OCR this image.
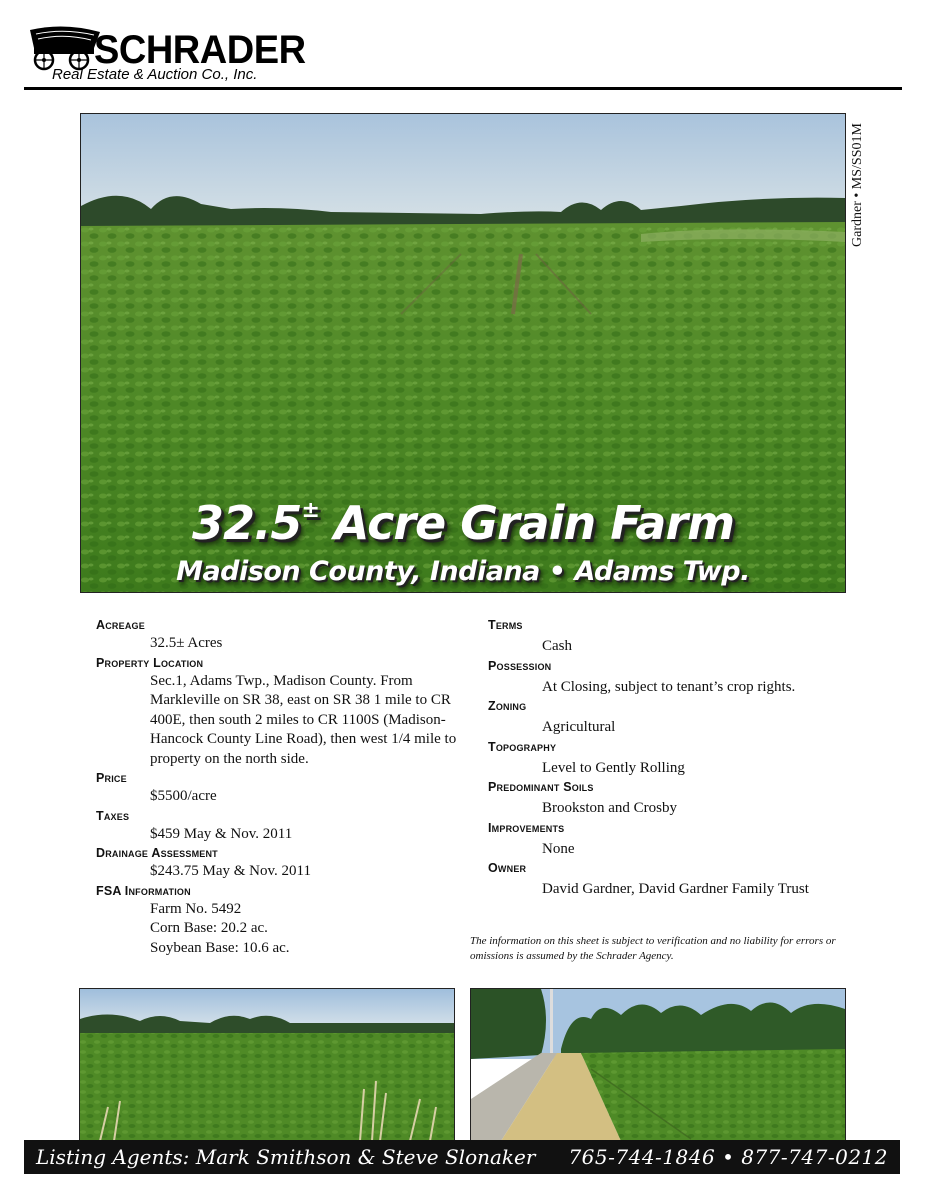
SCHRADER
Real Estate & Auction Co., Inc.
Gardner • MS/SS01M
32.5± Acre Grain Farm
Madison County, Indiana • Adams Twp.
Acreage
32.5± Acres
Property Location
Sec.1, Adams Twp., Madison County. From Markleville on SR 38, east on SR 38 1 mile to CR 400E, then south 2 miles to CR 1100S (Madison-Hancock County Line Road), then west 1/4 mile to property on the north side.
Price
$5500/acre
Taxes
$459 May & Nov. 2011
Drainage Assessment
$243.75 May & Nov. 2011
FSA Information
Farm No. 5492
Corn Base: 20.2 ac.
Soybean Base: 10.6 ac.
Terms
Cash
Possession
At Closing, subject to tenant’s crop rights.
Zoning
Agricultural
Topography
Level to Gently Rolling
Predominant Soils
Brookston and Crosby
Improvements
None
Owner
David Gardner, David Gardner Family Trust
The information on this sheet is subject to verification and no liability for errors or omissions is assumed by the Schrader Agency.
Listing Agents: Mark Smithson & Steve Slonaker 765-744-1846 • 877-747-0212
